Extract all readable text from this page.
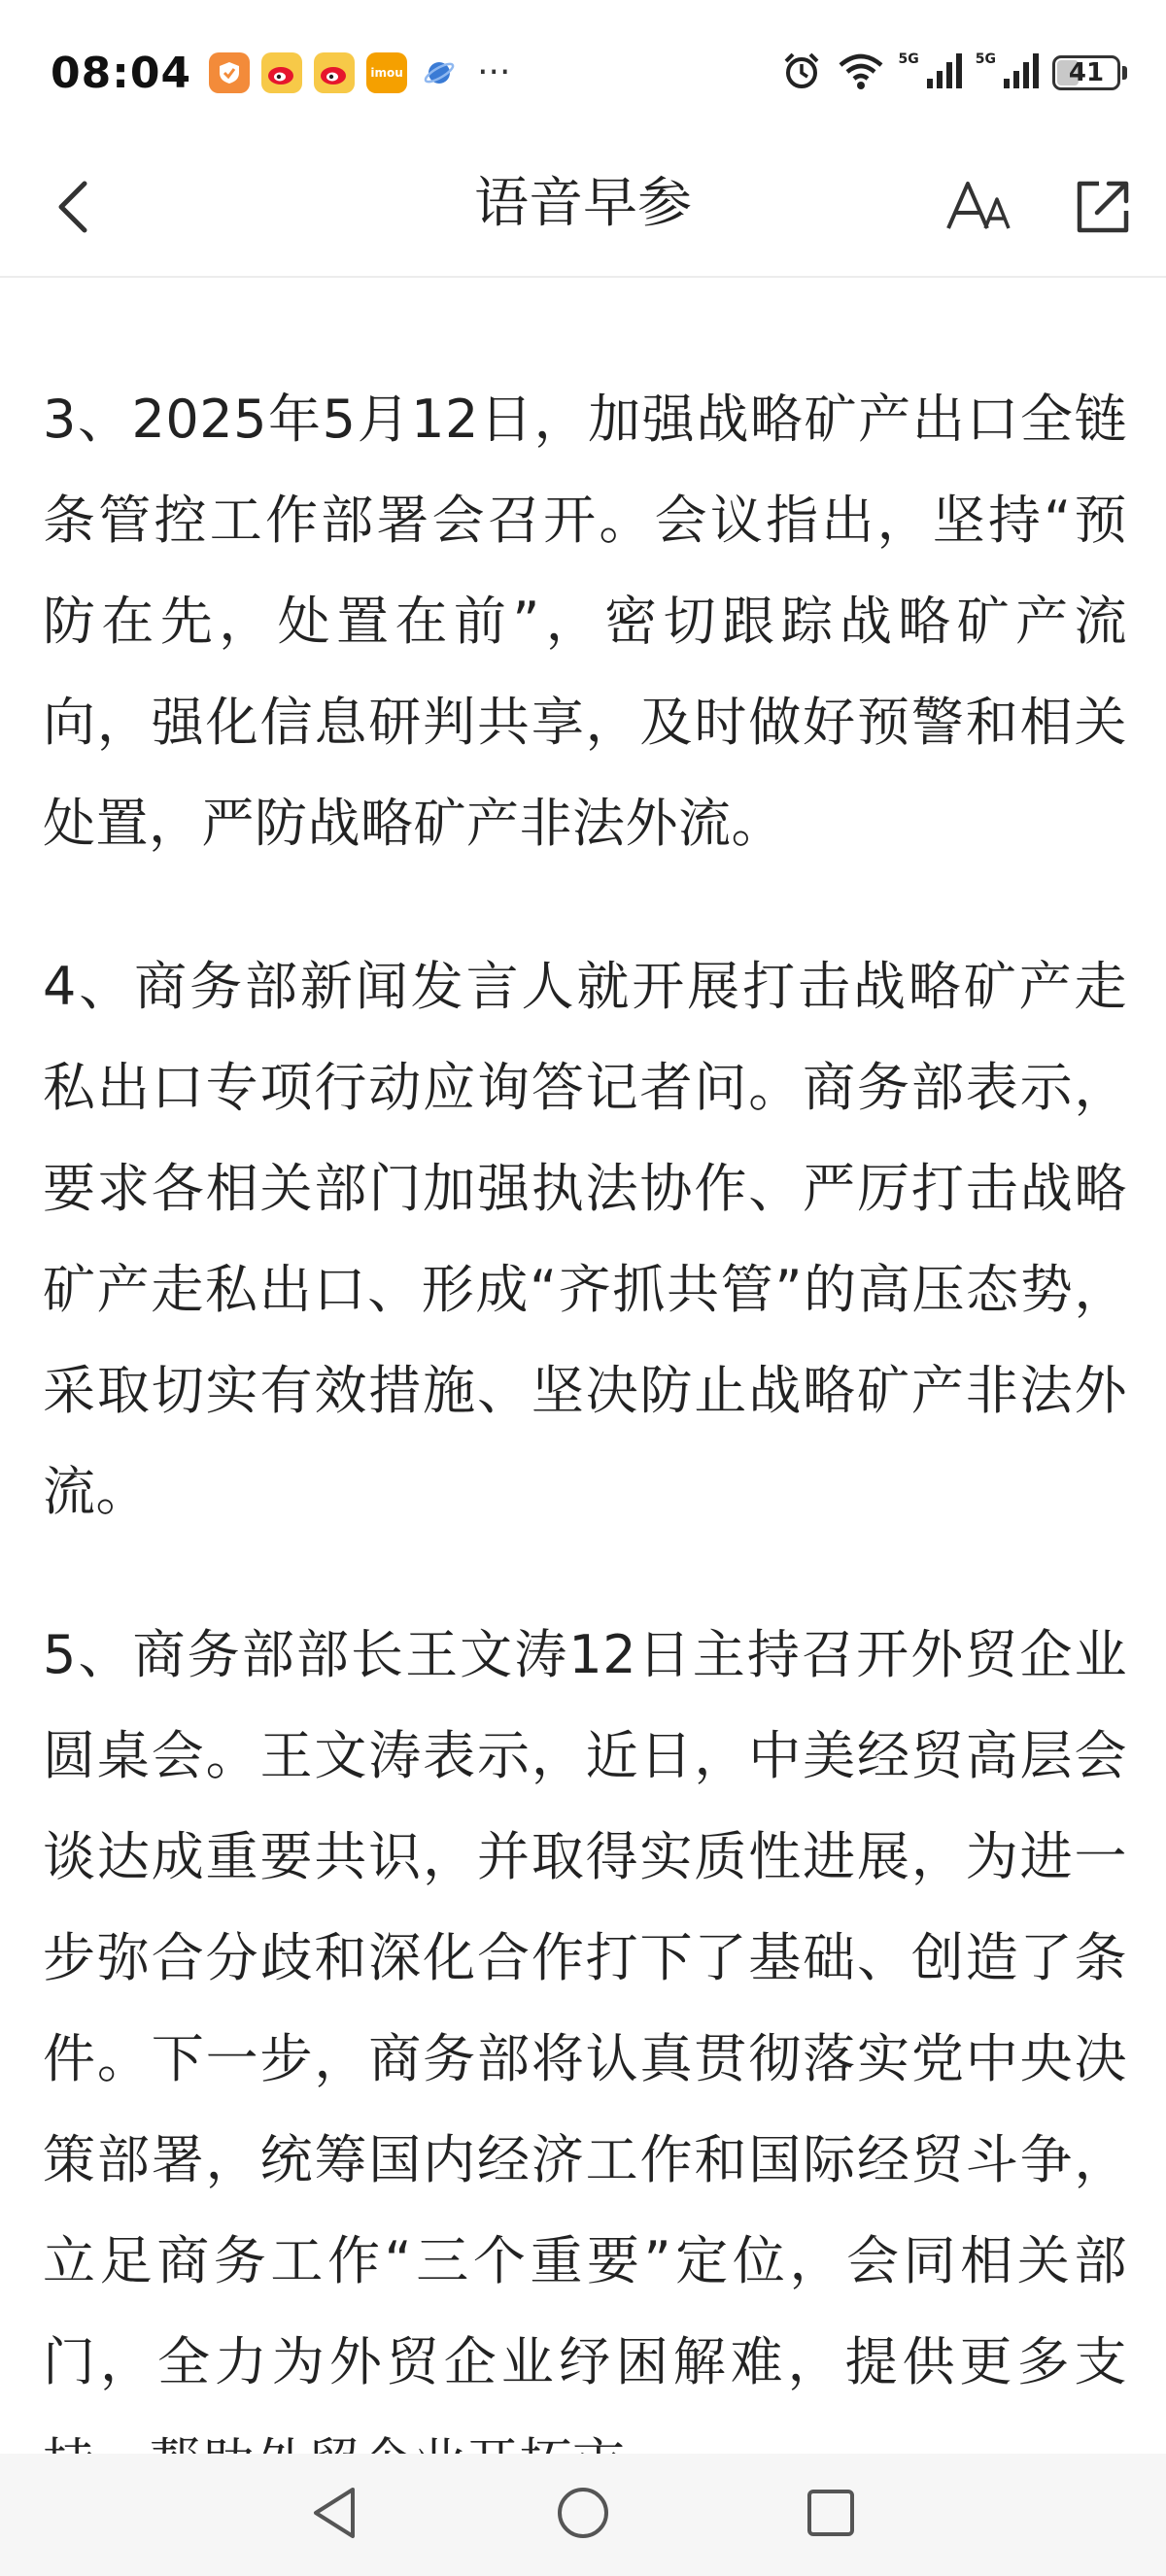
08:04	imou ···	5G	5G	41
语音早参

3、2025年5月12日，加强战略矿产出口全链条管控工作部署会召开。会议指出，坚持“预防在先，处置在前”，密切跟踪战略矿产流向，强化信息研判共享，及时做好预警和相关处置，严防战略矿产非法外流。

4、商务部新闻发言人就开展打击战略矿产走私出口专项行动应询答记者问。商务部表示，要求各相关部门加强执法协作、严厉打击战略矿产走私出口、形成“齐抓共管”的高压态势，采取切实有效措施、坚决防止战略矿产非法外流。

5、商务部部长王文涛12日主持召开外贸企业圆桌会。王文涛表示，近日，中美经贸高层会谈达成重要共识，并取得实质性进展，为进一步弥合分歧和深化合作打下了基础、创造了条件。下一步，商务部将认真贯彻落实党中央决策部署，统筹国内经济工作和国际经贸斗争，立足商务工作“三个重要”定位，会同相关部门，全力为外贸企业纾困解难，提供更多支
